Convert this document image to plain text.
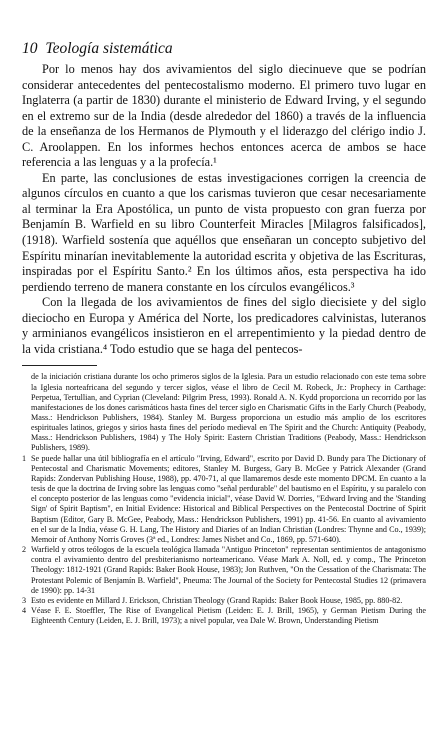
10 Teología sistemática

Por lo menos hay dos avivamientos del siglo diecinueve que se podrían considerar antecedentes del pentecostalismo moderno. El primero tuvo lugar en Inglaterra (a partir de 1830) durante el ministerio de Edward Irving, y el segundo en el extremo sur de la India (desde alrededor del 1860) a través de la influencia de la enseñanza de los Hermanos de Plymouth y el liderazgo del clérigo indio J. C. Aroolappen. En los informes hechos entonces acerca de ambos se hace referencia a las lenguas y a la profecía.¹

En parte, las conclusiones de estas investigaciones corrigen la creencia de algunos círculos en cuanto a que los carismas tuvieron que cesar necesariamente al terminar la Era Apostólica, un punto de vista propuesto con gran fuerza por Benjamín B. Warfield en su libro Counterfeit Miracles [Milagros falsificados], (1918). Warfield sostenía que aquéllos que enseñaran un concepto subjetivo del Espíritu minarían inevitablemente la autoridad escrita y objetiva de las Escrituras, inspiradas por el Espíritu Santo.² En los últimos años, esta perspectiva ha ido perdiendo terreno de manera constante en los círculos evangélicos.³

Con la llegada de los avivamientos de fines del siglo diecisiete y del siglo dieciocho en Europa y América del Norte, los predicadores calvinistas, luteranos y arminianos evangélicos insistieron en el arrepentimiento y la piedad dentro de la vida cristiana.⁴ Todo estudio que se haga del pentecos-

de la iniciación cristiana durante los ocho primeros siglos de la Iglesia. Para un estudio relacionado con este tema sobre la Iglesia norteafricana del segundo y tercer siglos, véase el libro de Cecil M. Robeck, Jr.: Prophecy in Carthage: Perpetua, Tertullian, and Cyprian (Cleveland: Pilgrim Press, 1993). Ronald A. N. Kydd proporciona un recorrido por las manifestaciones de los dones carismáticos hasta fines del tercer siglo en Charismatic Gifts in the Early Church (Peabody, Mass.: Hendrickson Publishers, 1984). Stanley M. Burgess proporciona un estudio más amplio de los escritores espirituales latinos, griegos y sirios hasta fines del período medieval en The Spirit and the Church: Antiquity (Peabody, Mass.: Hendrickson Publishers, 1984) y The Holy Spirit: Eastern Christian Traditions (Peabody, Mass.: Hendrickson Publishers, 1989).

1 Se puede hallar una útil bibliografía en el artículo "Irving, Edward", escrito por David D. Bundy para The Dictionary of Pentecostal and Charismatic Movements; editores, Stanley M. Burgess, Gary B. McGee y Patrick Alexander (Grand Rapids: Zondervan Publishing House, 1988), pp. 470-71, al que llamaremos desde este momento DPCM. En cuanto a la tesis de que la doctrina de Irving sobre las lenguas como "señal perdurable" del bautismo en el Espíritu, y su paralelo con el concepto posterior de las lenguas como "evidencia inicial", véase David W. Dorries, "Edward Irving and the 'Standing Sign' of Spirit Baptism", en Initial Evidence: Historical and Biblical Perspectives on the Pentecostal Doctrine of Spirit Baptism (Editor, Gary B. McGee, Peabody, Mass.: Hendrickson Publishers, 1991) pp. 41-56. En cuanto al avivamiento en el sur de la India, véase G. H. Lang, The History and Diaries of an Indian Christian (Londres: Thynne and Co., 1939); Memoir of Anthony Norris Groves (3ª ed., Londres: James Nisbet and Co., 1869, pp. 571-640).
2 Warfield y otros teólogos de la escuela teológica llamada "Antiguo Princeton" representan sentimientos de antagonismo contra el avivamiento dentro del presbiterianismo norteamericano. Véase Mark A. Noll, ed. y comp., The Princeton Theology: 1812-1921 (Grand Rapids: Baker Book House, 1983); Jon Ruthven, "On the Cessation of the Charismata: The Protestant Polemic of Benjamín B. Warfield", Pneuma: The Journal of the Society for Pentecostal Studies 12 (primavera de 1990): pp. 14-31
3 Esto es evidente en Millard J. Erickson, Christian Theology (Grand Rapids: Baker Book House, 1985, pp. 880-82.
4 Véase F. E. Stoeffler, The Rise of Evangelical Pietism (Leiden: E. J. Brill, 1965), y German Pietism During the Eighteenth Century (Leiden, E. J. Brill, 1973); a nivel popular, vea Dale W. Brown, Understanding Pietism
